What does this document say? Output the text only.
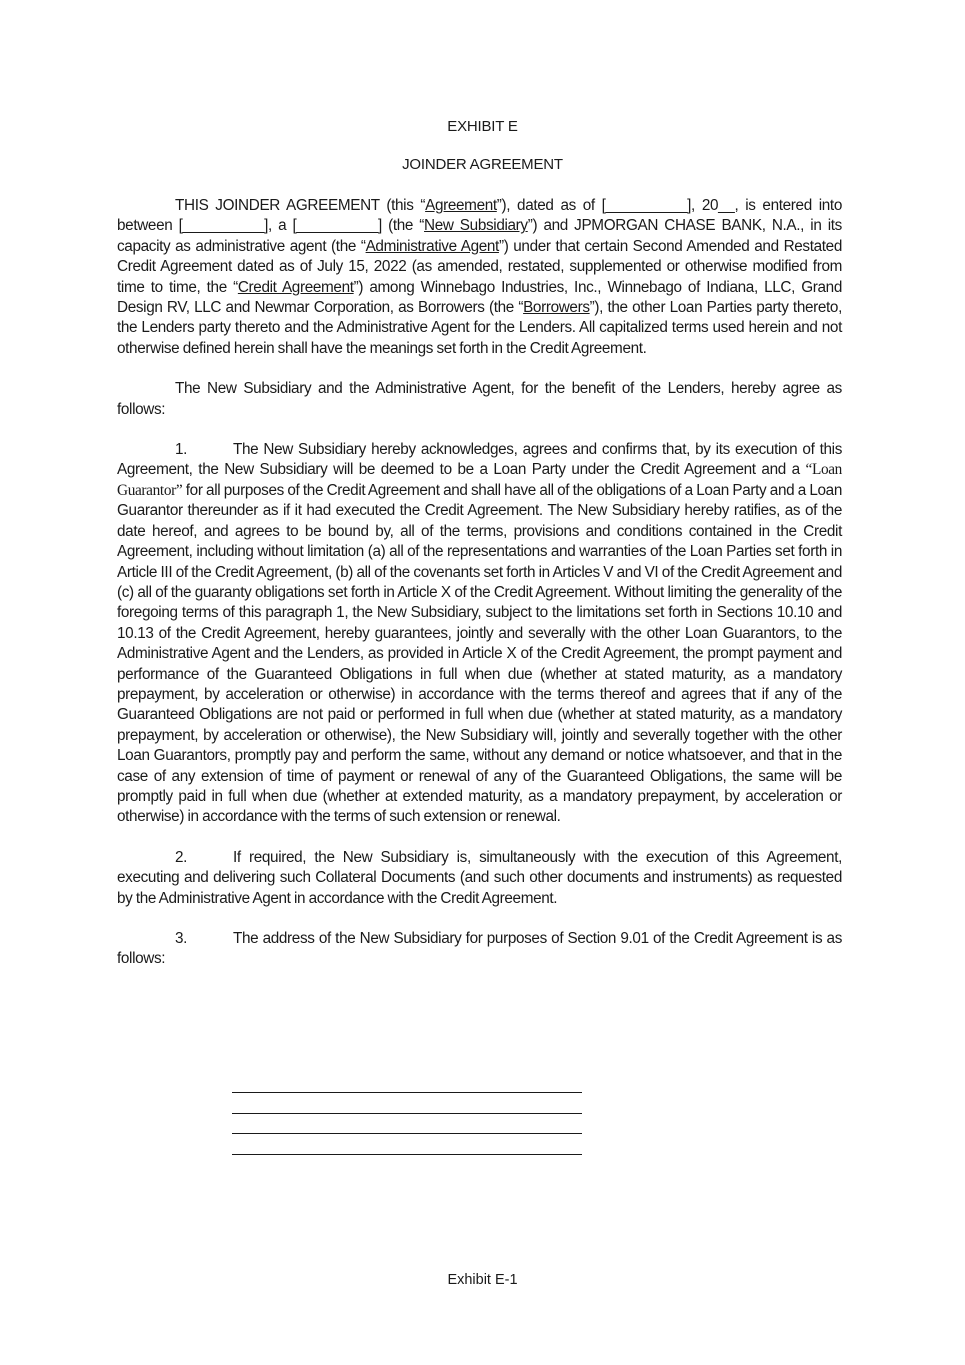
EXHIBIT E
JOINDER AGREEMENT

THIS JOINDER AGREEMENT (this “Agreement”), dated as of [__________], 20__, is entered into between [__________], a [__________] (the “New Subsidiary”) and JPMORGAN CHASE BANK, N.A., in its capacity as administrative agent (the “Administrative Agent”) under that certain Second Amended and Restated Credit Agreement dated as of July 15, 2022 (as amended, restated, supplemented or otherwise modified from time to time, the “Credit Agreement”) among Winnebago Industries, Inc., Winnebago of Indiana, LLC, Grand Design RV, LLC and Newmar Corporation, as Borrowers (the “Borrowers”), the other Loan Parties party thereto, the Lenders party thereto and the Administrative Agent for the Lenders. All capitalized terms used herein and not otherwise defined herein shall have the meanings set forth in the Credit Agreement.

The New Subsidiary and the Administrative Agent, for the benefit of the Lenders, hereby agree as follows:

1.	The New Subsidiary hereby acknowledges, agrees and confirms that, by its execution of this Agreement, the New Subsidiary will be deemed to be a Loan Party under the Credit Agreement and a “Loan Guarantor” for all purposes of the Credit Agreement and shall have all of the obligations of a Loan Party and a Loan Guarantor thereunder as if it had executed the Credit Agreement. The New Subsidiary hereby ratifies, as of the date hereof, and agrees to be bound by, all of the terms, provisions and conditions contained in the Credit Agreement, including without limitation (a) all of the representations and warranties of the Loan Parties set forth in Article III of the Credit Agreement, (b) all of the covenants set forth in Articles V and VI of the Credit Agreement and (c) all of the guaranty obligations set forth in Article X of the Credit Agreement. Without limiting the generality of the foregoing terms of this paragraph 1, the New Subsidiary, subject to the limitations set forth in Sections 10.10 and 10.13 of the Credit Agreement, hereby guarantees, jointly and severally with the other Loan Guarantors, to the Administrative Agent and the Lenders, as provided in Article X of the Credit Agreement, the prompt payment and performance of the Guaranteed Obligations in full when due (whether at stated maturity, as a mandatory prepayment, by acceleration or otherwise) in accordance with the terms thereof and agrees that if any of the Guaranteed Obligations are not paid or performed in full when due (whether at stated maturity, as a mandatory prepayment, by acceleration or otherwise), the New Subsidiary will, jointly and severally together with the other Loan Guarantors, promptly pay and perform the same, without any demand or notice whatsoever, and that in the case of any extension of time of payment or renewal of any of the Guaranteed Obligations, the same will be promptly paid in full when due (whether at extended maturity, as a mandatory prepayment, by acceleration or otherwise) in accordance with the terms of such extension or renewal.

2.	If required, the New Subsidiary is, simultaneously with the execution of this Agreement, executing and delivering such Collateral Documents (and such other documents and instruments) as requested by the Administrative Agent in accordance with the Credit Agreement.

3.	The address of the New Subsidiary for purposes of Section 9.01 of the Credit Agreement is as follows:

Exhibit E-1
